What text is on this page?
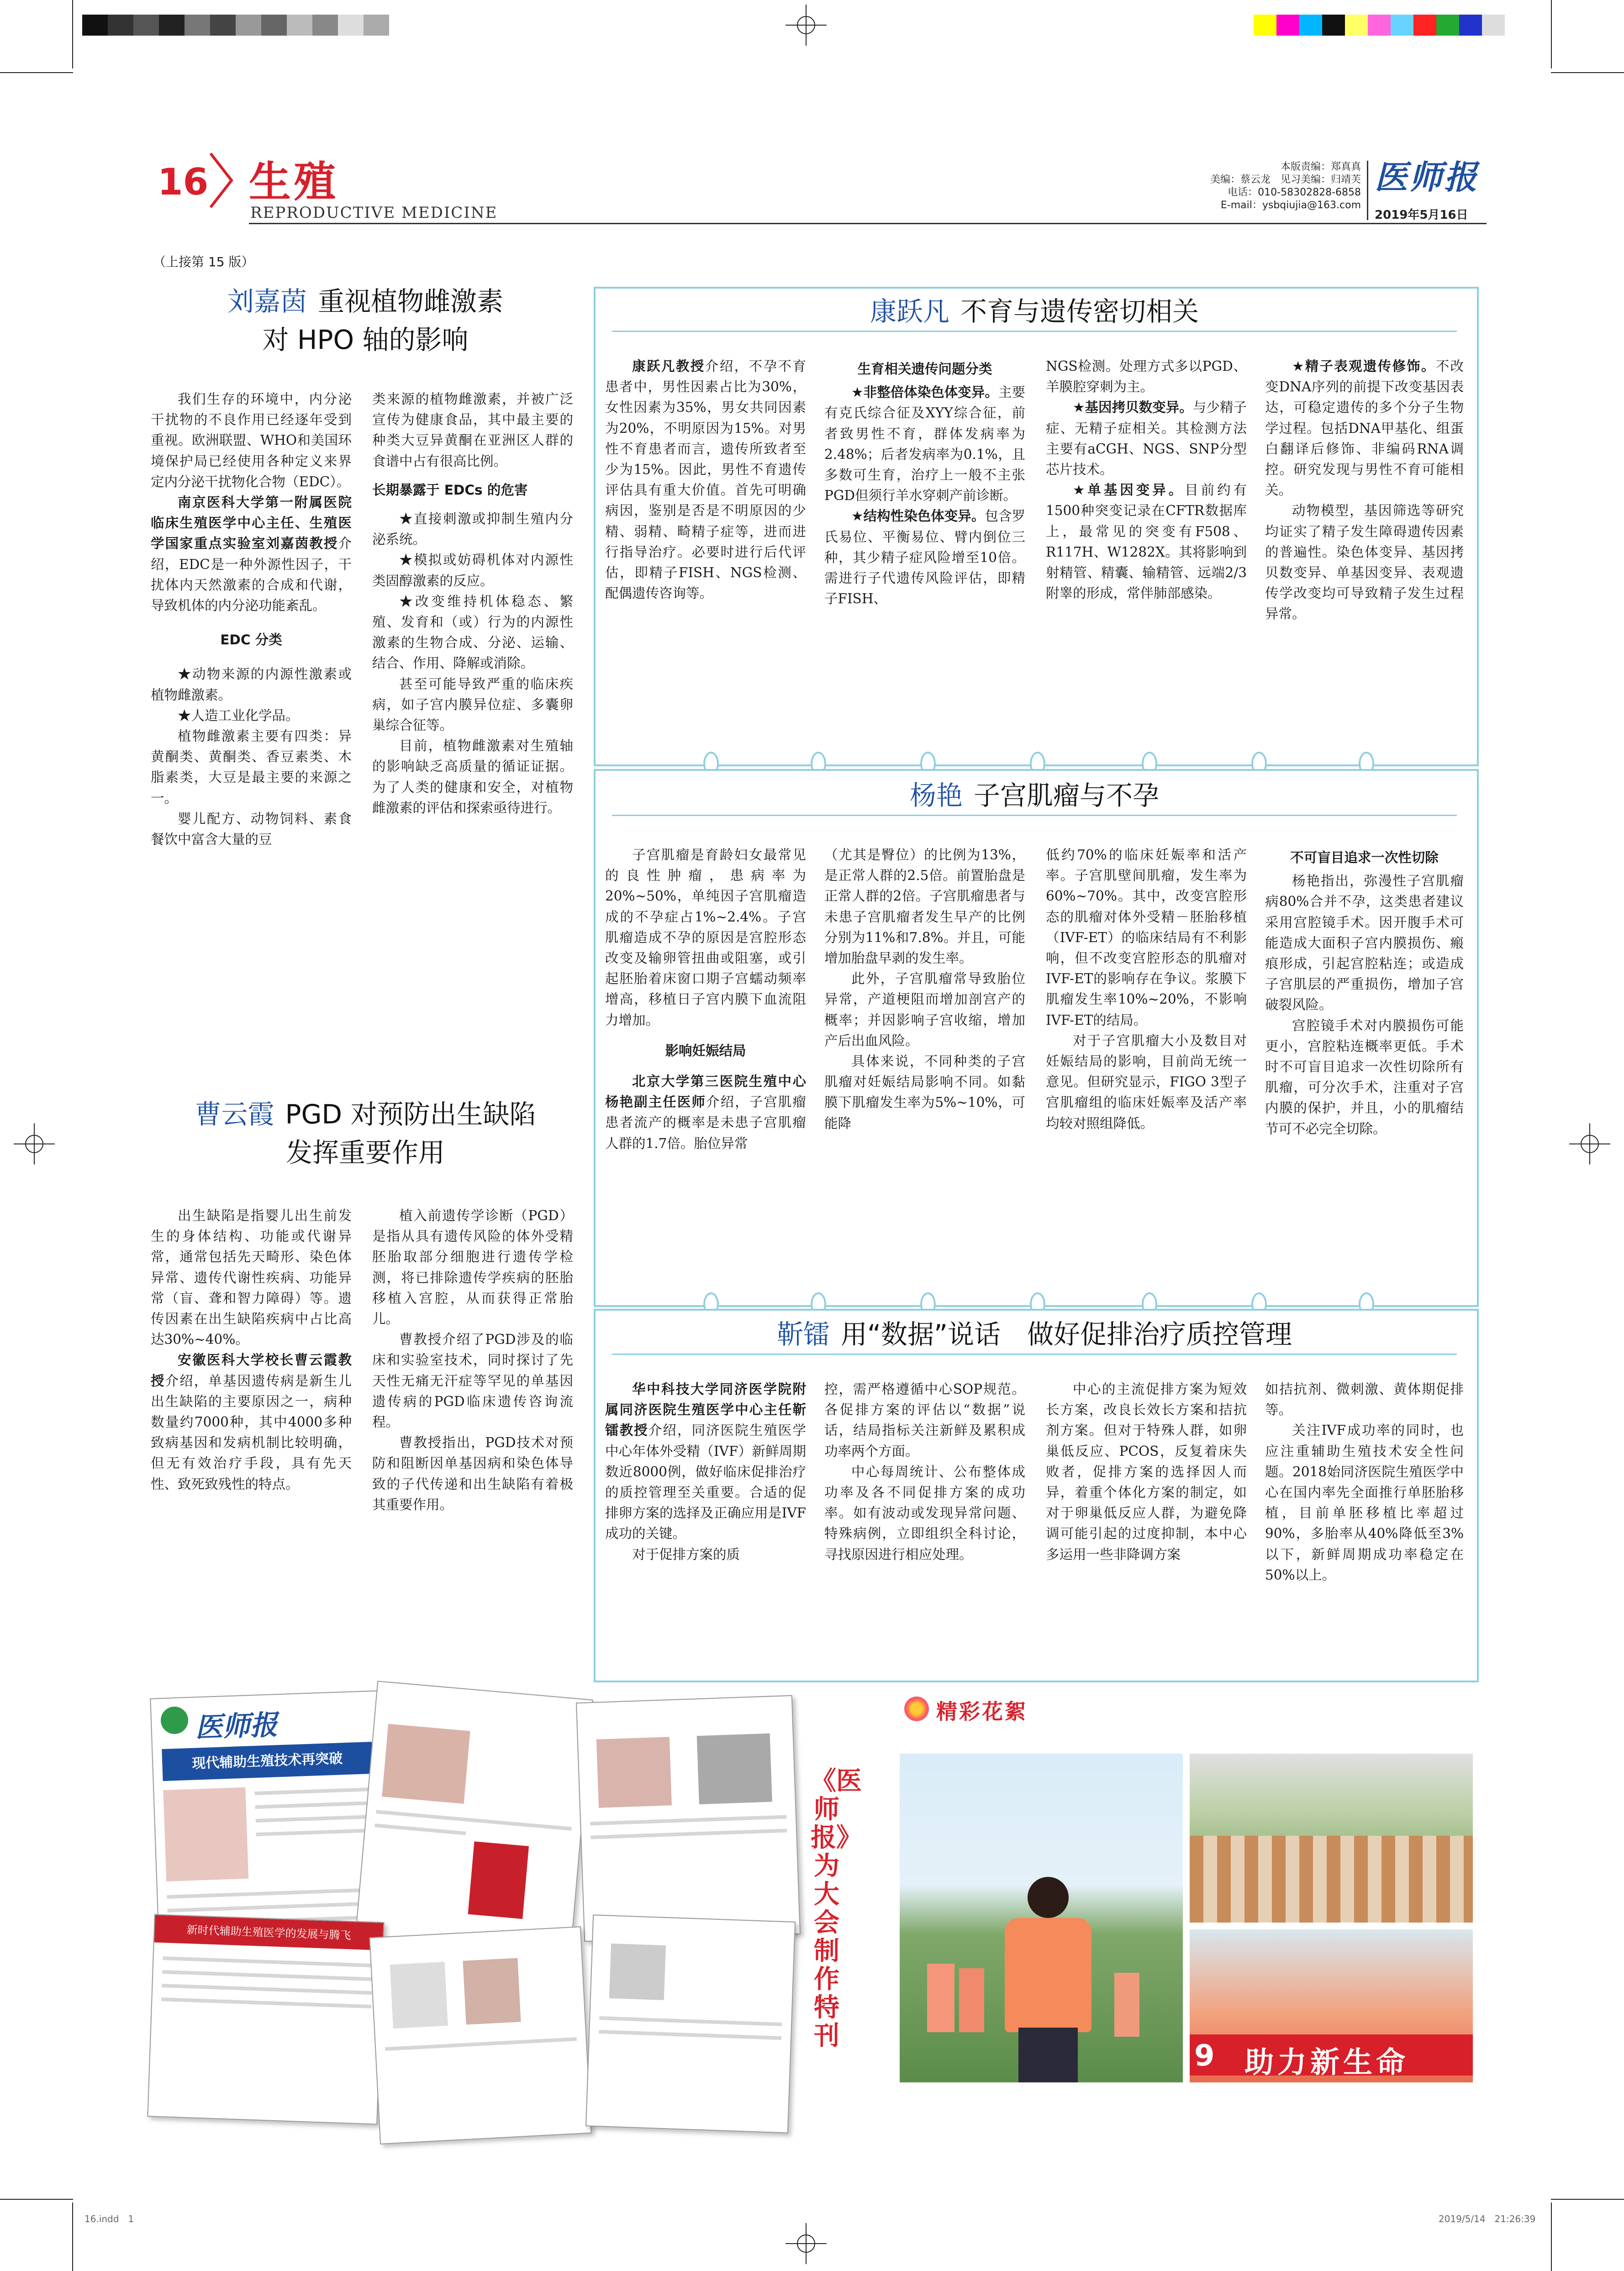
16 生殖
REPRODUCTIVE MEDICINE
本版责编：郑真真
美编：蔡云龙　见习美编：归靖芙
电话：010-58302828-6858
E-mail：ysbqiujia@163.com
医师报
2019年5月16日
（上接第 15 版）
刘嘉茵 重视植物雌激素
对 HPO 轴的影响

我们生存的环境中，内分泌干扰物的不良作用已经逐年受到重视。欧洲联盟、WHO和美国环境保护局已经使用各种定义来界定内分泌干扰物化合物（EDC）。

南京医科大学第一附属医院临床生殖医学中心主任、生殖医学国家重点实验室刘嘉茵教授介绍，EDC是一种外源性因子，干扰体内天然激素的合成和代谢，导致机体的内分泌功能紊乱。

EDC 分类

★动物来源的内源性激素或植物雌激素。

★人造工业化学品。

植物雌激素主要有四类：异黄酮类、黄酮类、香豆素类、木脂素类，大豆是最主要的来源之一。

婴儿配方、动物饲料、素食餐饮中富含大量的豆

类来源的植物雌激素，并被广泛宣传为健康食品，其中最主要的种类大豆异黄酮在亚洲区人群的食谱中占有很高比例。

长期暴露于 EDCs 的危害

★直接刺激或抑制生殖内分泌系统。

★模拟或妨碍机体对内源性类固醇激素的反应。

★改变维持机体稳态、繁殖、发育和（或）行为的内源性激素的生物合成、分泌、运输、结合、作用、降解或消除。

甚至可能导致严重的临床疾病，如子宫内膜异位症、多囊卵巢综合征等。

目前，植物雌激素对生殖轴的影响缺乏高质量的循证证据。为了人类的健康和安全，对植物雌激素的评估和探索亟待进行。

康跃凡 不育与遗传密切相关

康跃凡教授介绍，不孕不育患者中，男性因素占比为30%，女性因素为35%，男女共同因素为20%，不明原因为15%。对男性不育患者而言，遗传所致者至少为15%。因此，男性不育遗传评估具有重大价值。首先可明确病因，鉴别是否是不明原因的少精、弱精、畸精子症等，进而进行指导治疗。必要时进行后代评估，即精子FISH、NGS检测、配偶遗传咨询等。

生育相关遗传问题分类

★非整倍体染色体变异。主要有克氏综合征及XYY综合征，前者致男性不育，群体发病率为2.48%；后者发病率为0.1%，且多数可生育，治疗上一般不主张PGD但须行羊水穿刺产前诊断。

★结构性染色体变异。包含罗氏易位、平衡易位、臂内倒位三种，其少精子症风险增至10倍。需进行子代遗传风险评估，即精子FISH、

NGS检测。处理方式多以PGD、羊膜腔穿刺为主。

★基因拷贝数变异。与少精子症、无精子症相关。其检测方法主要有aCGH、NGS、SNP分型芯片技术。

★单基因变异。目前约有1500种突变记录在CFTR数据库上，最常见的突变有F508、R117H、W1282X。其将影响到射精管、精囊、输精管、远端2/3附睾的形成，常伴肺部感染。

★精子表观遗传修饰。不改变DNA序列的前提下改变基因表达，可稳定遗传的多个分子生物学过程。包括DNA甲基化、组蛋白翻译后修饰、非编码RNA调控。研究发现与男性不育可能相关。

动物模型，基因筛选等研究均证实了精子发生障碍遗传因素的普遍性。染色体变异、基因拷贝数变异、单基因变异、表观遗传学改变均可导致精子发生过程异常。

曹云霞 PGD 对预防出生缺陷
发挥重要作用

出生缺陷是指婴儿出生前发生的身体结构、功能或代谢异常，通常包括先天畸形、染色体异常、遗传代谢性疾病、功能异常（盲、聋和智力障碍）等。遗传因素在出生缺陷疾病中占比高达30%~40%。

安徽医科大学校长曹云霞教授介绍，单基因遗传病是新生儿出生缺陷的主要原因之一，病种数量约7000种，其中4000多种致病基因和发病机制比较明确，但无有效治疗手段，具有先天性、致死致残性的特点。

植入前遗传学诊断（PGD）是指从具有遗传风险的体外受精胚胎取部分细胞进行遗传学检测，将已排除遗传学疾病的胚胎移植入宫腔，从而获得正常胎儿。

曹教授介绍了PGD涉及的临床和实验室技术，同时探讨了先天性无痛无汗症等罕见的单基因遗传病的PGD临床遗传咨询流程。

曹教授指出，PGD技术对预防和阻断因单基因病和染色体导致的子代传递和出生缺陷有着极其重要作用。

杨艳 子宫肌瘤与不孕

子宫肌瘤是育龄妇女最常见的良性肿瘤，患病率为20%~50%，单纯因子宫肌瘤造成的不孕症占1%~2.4%。子宫肌瘤造成不孕的原因是宫腔形态改变及输卵管扭曲或阻塞，或引起胚胎着床窗口期子宫蠕动频率增高，移植日子宫内膜下血流阻力增加。

影响妊娠结局

北京大学第三医院生殖中心杨艳副主任医师介绍，子宫肌瘤患者流产的概率是未患子宫肌瘤人群的1.7倍。胎位异常

（尤其是臀位）的比例为13%，是正常人群的2.5倍。前置胎盘是正常人群的2倍。子宫肌瘤患者与未患子宫肌瘤者发生早产的比例分别为11%和7.8%。并且，可能增加胎盘早剥的发生率。

此外，子宫肌瘤常导致胎位异常，产道梗阻而增加剖宫产的概率；并因影响子宫收缩，增加产后出血风险。

具体来说，不同种类的子宫肌瘤对妊娠结局影响不同。如黏膜下肌瘤发生率为5%~10%，可能降

低约70%的临床妊娠率和活产率。子宫肌壁间肌瘤，发生率为60%~70%。其中，改变宫腔形态的肌瘤对体外受精－胚胎移植（IVF-ET）的临床结局有不利影响，但不改变宫腔形态的肌瘤对IVF-ET的影响存在争议。浆膜下肌瘤发生率10%~20%，不影响IVF-ET的结局。

对于子宫肌瘤大小及数目对妊娠结局的影响，目前尚无统一意见。但研究显示，FIGO 3型子宫肌瘤组的临床妊娠率及活产率均较对照组降低。

不可盲目追求一次性切除

杨艳指出，弥漫性子宫肌瘤病80%合并不孕，这类患者建议采用宫腔镜手术。因开腹手术可能造成大面积子宫内膜损伤、瘢痕形成，引起宫腔粘连；或造成子宫肌层的严重损伤，增加子宫破裂风险。

宫腔镜手术对内膜损伤可能更小，宫腔粘连概率更低。手术时不可盲目追求一次性切除所有肌瘤，可分次手术，注重对子宫内膜的保护，并且，小的肌瘤结节可不必完全切除。

靳镭 用“数据”说话　做好促排治疗质控管理

华中科技大学同济医学院附属同济医院生殖医学中心主任靳镭教授介绍，同济医院生殖医学中心年体外受精（IVF）新鲜周期数近8000例，做好临床促排治疗的质控管理至关重要。合适的促排卵方案的选择及正确应用是IVF成功的关键。

对于促排方案的质

控，需严格遵循中心SOP规范。各促排方案的评估以“数据”说话，结局指标关注新鲜及累积成功率两个方面。

中心每周统计、公布整体成功率及各不同促排方案的成功率。如有波动或发现异常问题、特殊病例，立即组织全科讨论，寻找原因进行相应处理。

中心的主流促排方案为短效长方案，改良长效长方案和拮抗剂方案。但对于特殊人群，如卵巢低反应、PCOS，反复着床失败者，促排方案的选择因人而异，着重个体化方案的制定，如对于卵巢低反应人群，为避免降调可能引起的过度抑制，本中心多运用一些非降调方案

如拮抗剂、微刺激、黄体期促排等。

关注IVF成功率的同时，也应注重辅助生殖技术安全性问题。2018始同济医院生殖医学中心在国内率先全面推行单胚胎移植，目前单胚移植比率超过90%，多胎率从40%降低至3%以下，新鲜周期成功率稳定在50%以上。

医师报
现代辅助生殖技术再突破
新时代辅助生殖医学的发展与腾飞
《医师报》为大会制作特刊
精彩花絮
9 助力新生命
16.indd　1	2019/5/14　21:26:39
